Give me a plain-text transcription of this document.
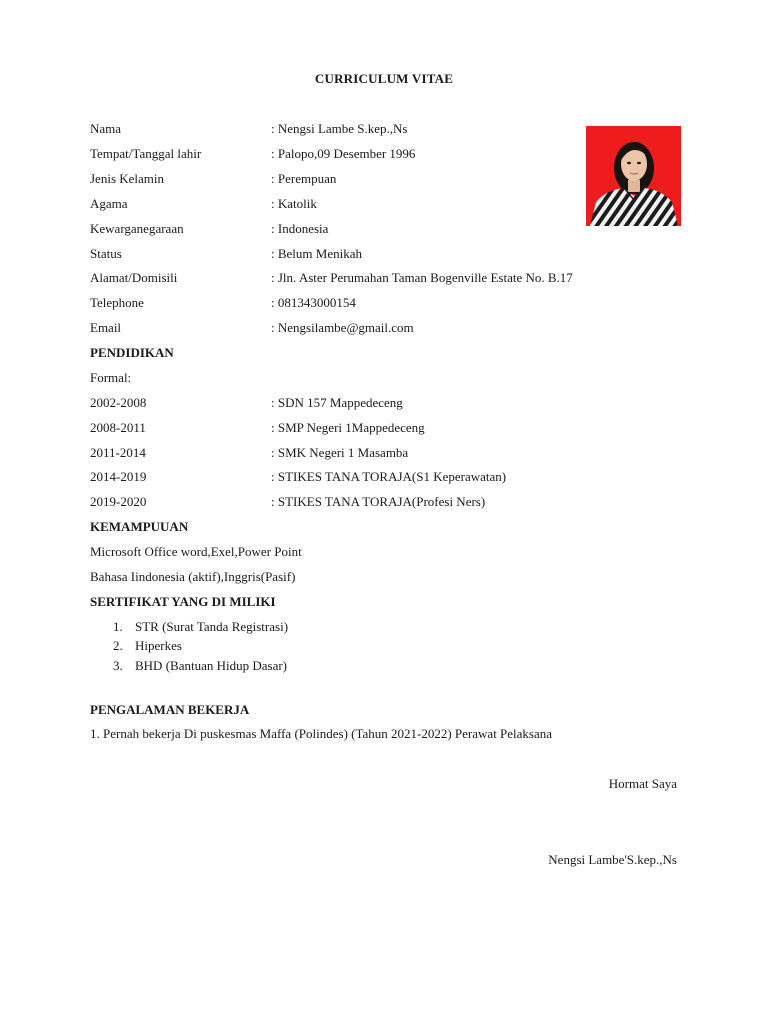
CURRICULUM VITAE
Nama	: Nengsi Lambe S.kep.,Ns
Tempat/Tanggal lahir	: Palopo,09 Desember 1996
Jenis Kelamin	: Perempuan
Agama	: Katolik
Kewarganegaraan	: Indonesia
Status	: Belum Menikah
Alamat/Domisili	: Jln. Aster Perumahan Taman Bogenville Estate No. B.17
Telephone	: 081343000154
Email	: Nengsilambe@gmail.com
PENDIDIKAN
Formal:
2002-2008	: SDN 157 Mappedeceng
2008-2011	: SMP Negeri 1Mappedeceng
2011-2014	: SMK Negeri 1 Masamba
2014-2019	: STIKES TANA TORAJA(S1 Keperawatan)
2019-2020	: STIKES TANA TORAJA(Profesi Ners)
KEMAMPUUAN
Microsoft Office word,Exel,Power Point
Bahasa Iindonesia (aktif),Inggris(Pasif)
SERTIFIKAT YANG DI MILIKI
1. STR (Surat Tanda Registrasi)
2. Hiperkes
3. BHD (Bantuan Hidup Dasar)
PENGALAMAN BEKERJA
1. Pernah bekerja Di puskesmas Maffa (Polindes) (Tahun 2021-2022) Perawat Pelaksana
Hormat Saya
Nengsi Lambe'S.kep.,Ns
